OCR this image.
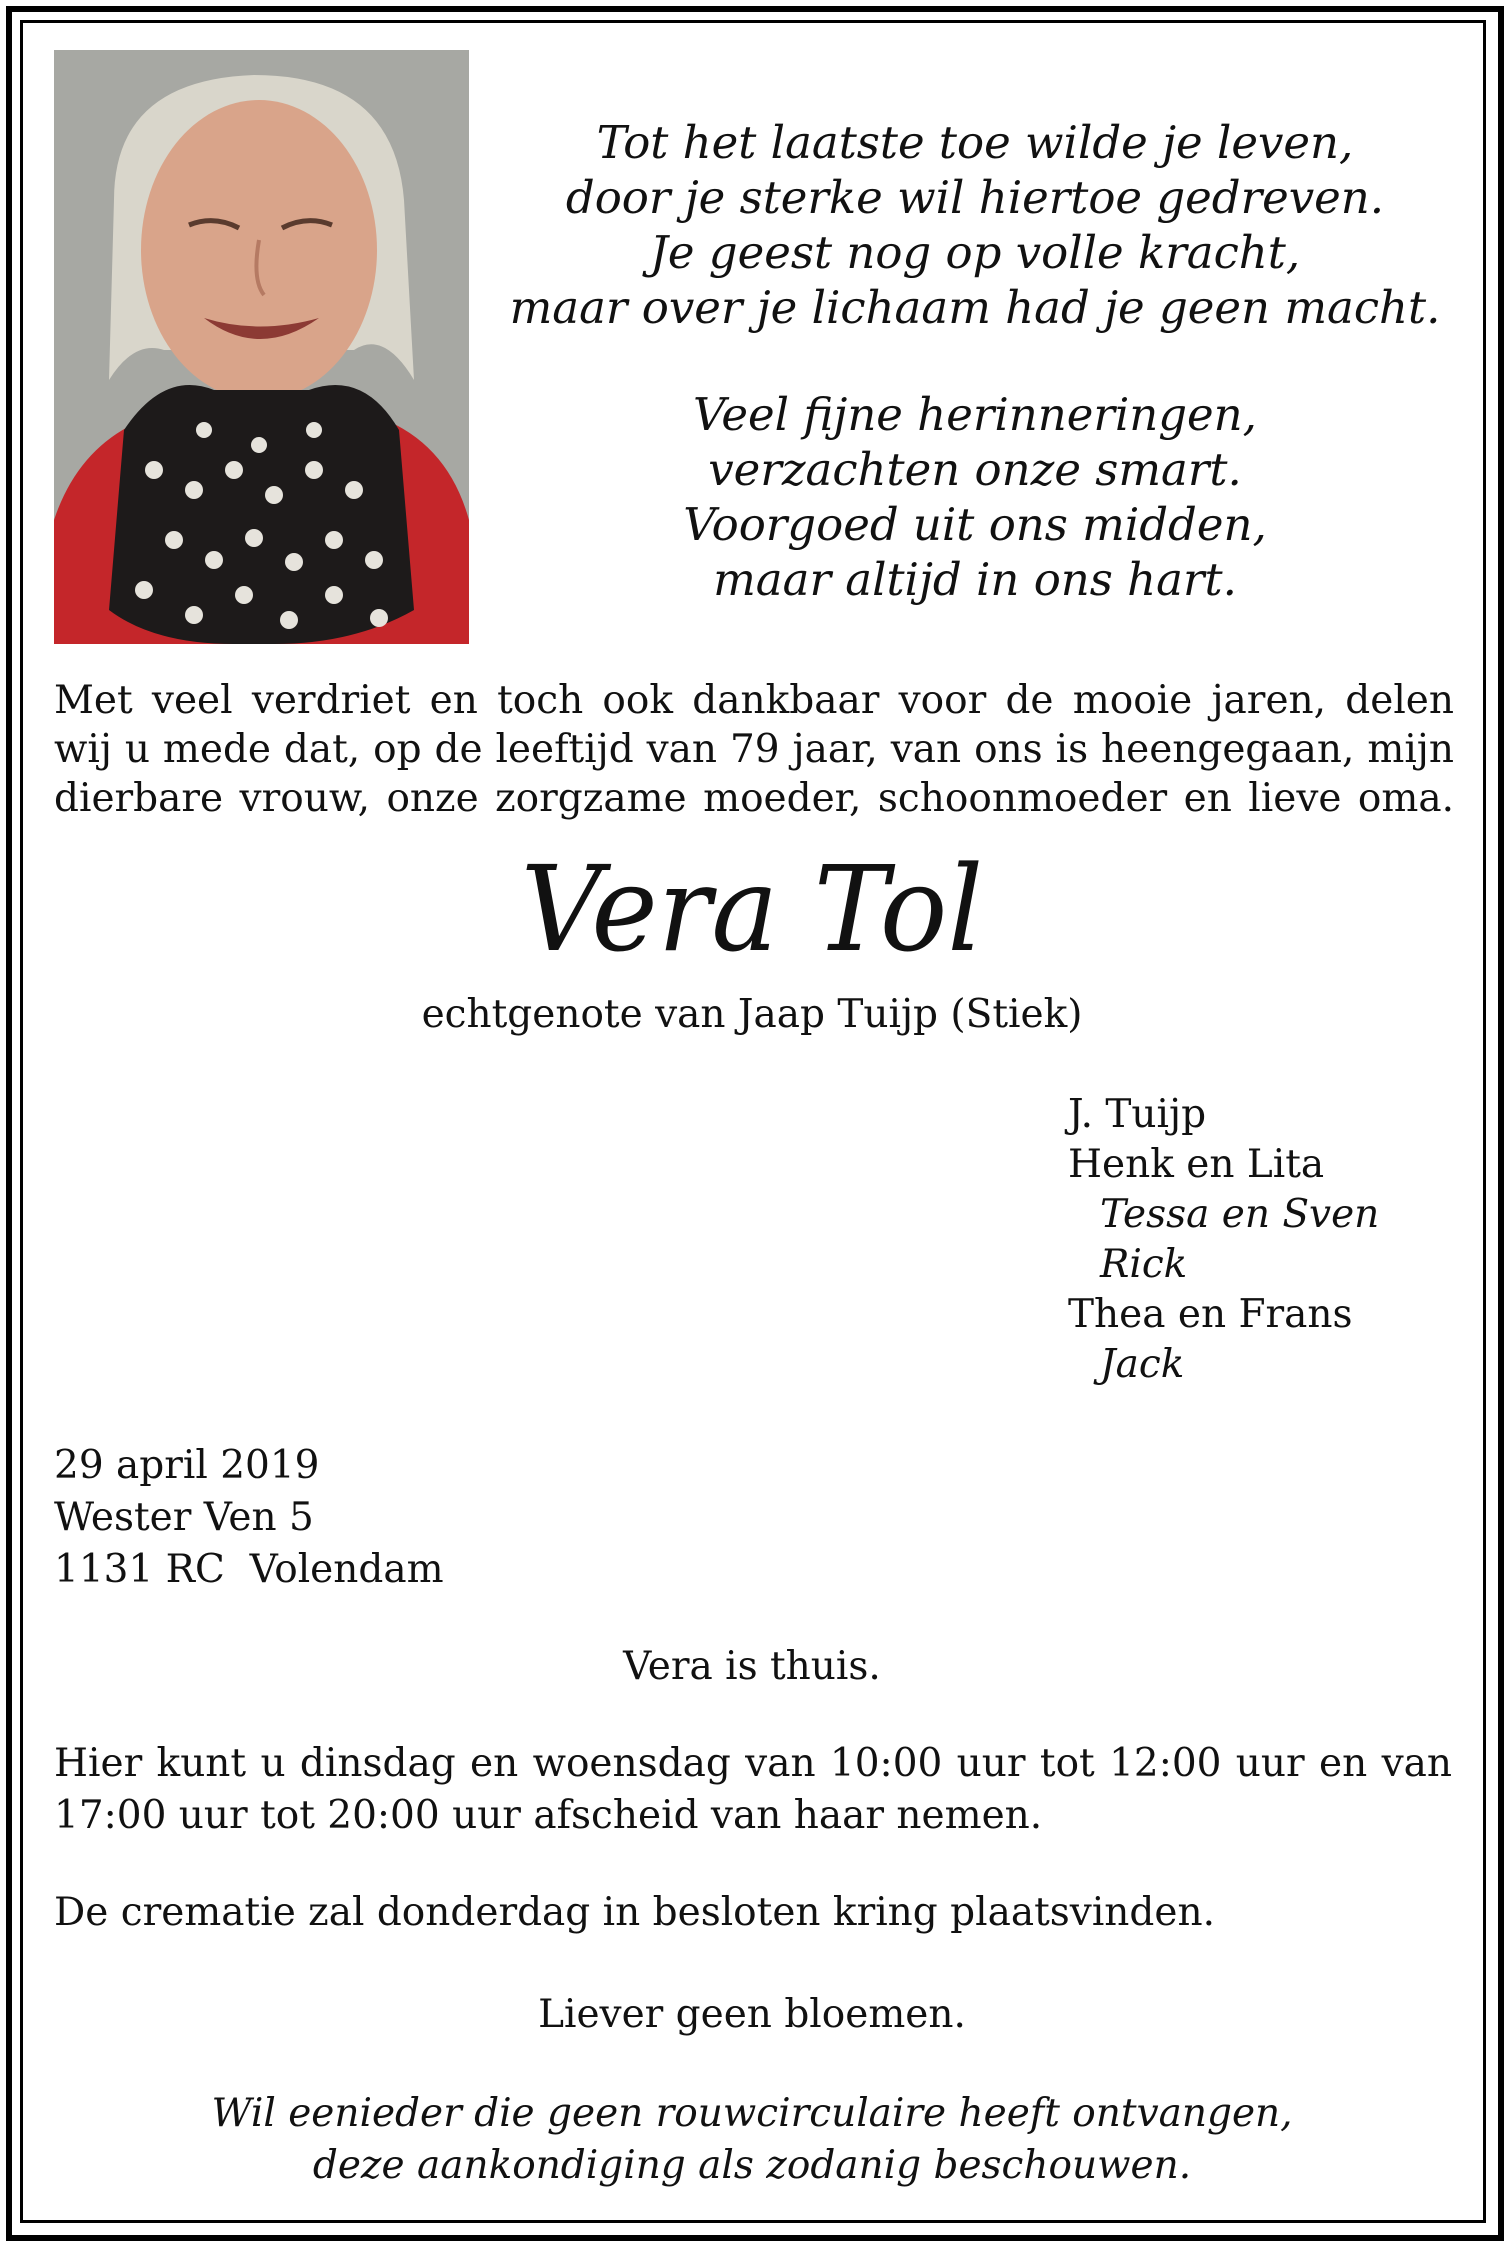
Tot het laatste toe wilde je leven,
door je sterke wil hiertoe gedreven.
Je geest nog op volle kracht,
maar over je lichaam had je geen macht.
Veel fijne herinneringen,
verzachten onze smart.
Voorgoed uit ons midden,
maar altijd in ons hart.
Met veel verdriet en toch ook dankbaar voor de mooie jaren, delen
wij u mede dat, op de leeftijd van 79 jaar, van ons is heengegaan, mijn
dierbare vrouw, onze zorgzame moeder, schoonmoeder en lieve oma.
Vera Tol
echtgenote van Jaap Tuijp (Stiek)
J. Tuijp
Henk en Lita
Tessa en Sven
Rick
Thea en Frans
Jack
29 april 2019
Wester Ven 5
1131 RC  Volendam
Vera is thuis.
Hier kunt u dinsdag en woensdag van 10:00 uur tot 12:00 uur en van
17:00 uur tot 20:00 uur afscheid van haar nemen.
De crematie zal donderdag in besloten kring plaatsvinden.
Liever geen bloemen.
Wil eenieder die geen rouwcirculaire heeft ontvangen,
deze aankondiging als zodanig beschouwen.
